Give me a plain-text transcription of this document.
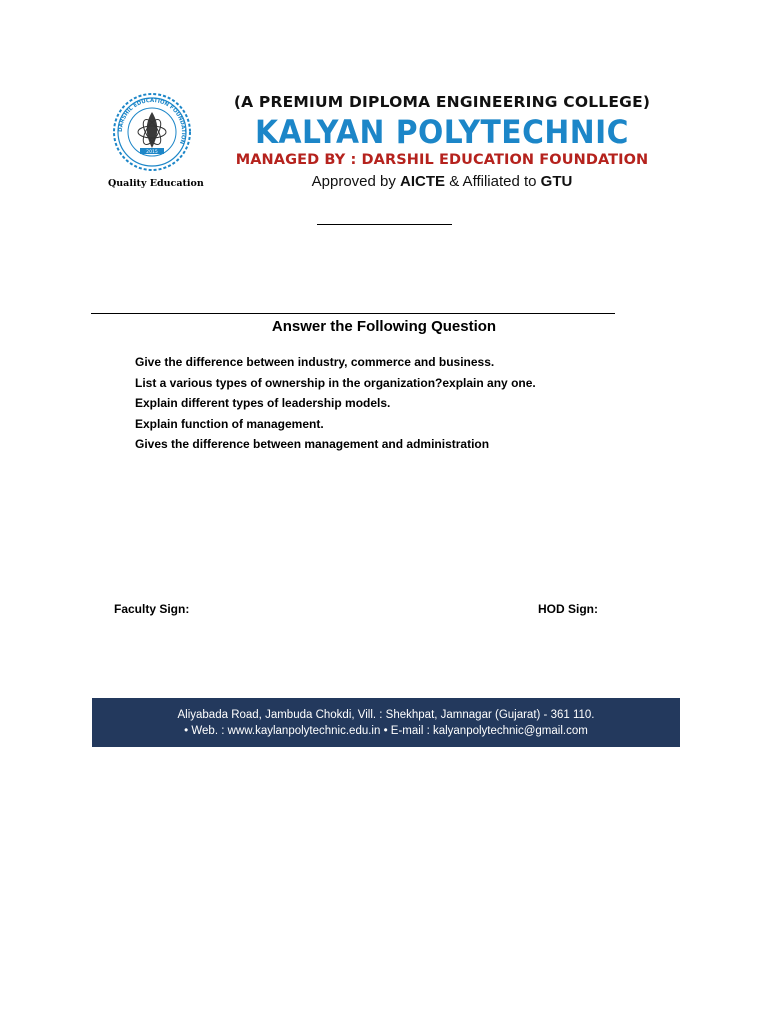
DARSHIL EDUCATION FOUNDATION
2015
Quality Education
(A PREMIUM DIPLOMA ENGINEERING COLLEGE)
KALYAN POLYTECHNIC
MANAGED BY : DARSHIL EDUCATION FOUNDATION
Approved by AICTE & Affiliated to GTU
Answer the Following Question
Give the difference between industry, commerce and business.
List a various types of ownership in the organization?explain any one.
Explain different types of leadership models.
Explain function of management.
Gives the difference between management and administration
Faculty Sign:	HOD Sign:
Aliyabada Road, Jambuda Chokdi, Vill. : Shekhpat, Jamnagar (Gujarat) - 361 110.
• Web. : www.kaylanpolytechnic.edu.in • E-mail : kalyanpolytechnic@gmail.com
